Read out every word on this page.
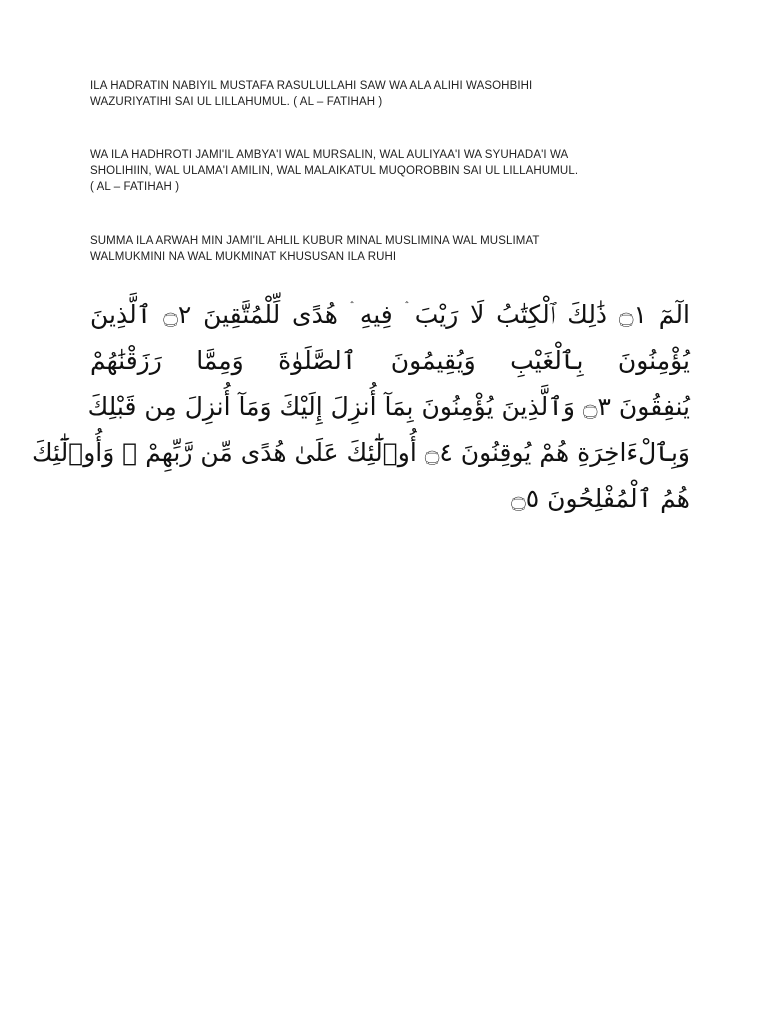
ILA HADRATIN NABIYIL MUSTAFA RASULULLAHI SAW WA ALA ALIHI WASOHBIHI
WAZURIYATIHI SAI UL LILLAHUMUL. ( AL – FATIHAH )

WA ILA HADHROTI JAMI'IL AMBYA'I WAL MURSALIN, WAL AULIYAA'I WA SYUHADA'I WA
SHOLIHIIN, WAL ULAMA'I AMILIN, WAL MALAIKATUL MUQOROBBIN SAI UL LILLAHUMUL.
( AL – FATIHAH )

SUMMA ILA ARWAH MIN JAMI'IL AHLIL KUBUR MINAL MUSLIMINA WAL MUSLIMAT
WALMUKMINI NA WAL MUKMINAT KHUSUSAN ILA RUHI

الٓمٓ ۝١ ذَٰلِكَ ٱلْكِتَٰبُ لَا رَيْبَ ۛ فِيهِ ۛ هُدًى لِّلْمُتَّقِينَ ۝٢ ٱلَّذِينَ
يُؤْمِنُونَ بِٱلْغَيْبِ وَيُقِيمُونَ ٱلصَّلَوٰةَ وَمِمَّا رَزَقْنَٰهُمْ
يُنفِقُونَ ۝٣ وَٱلَّذِينَ يُؤْمِنُونَ بِمَآ أُنزِلَ إِلَيْكَ وَمَآ أُنزِلَ مِن قَبْلِكَ
وَبِٱلْءَاخِرَةِ هُمْ يُوقِنُونَ ۝٤ أُو۟لَٰٓئِكَ عَلَىٰ هُدًى مِّن رَّبِّهِمْ ۖ وَأُو۟لَٰٓئِكَ
هُمُ ٱلْمُفْلِحُونَ ۝٥
